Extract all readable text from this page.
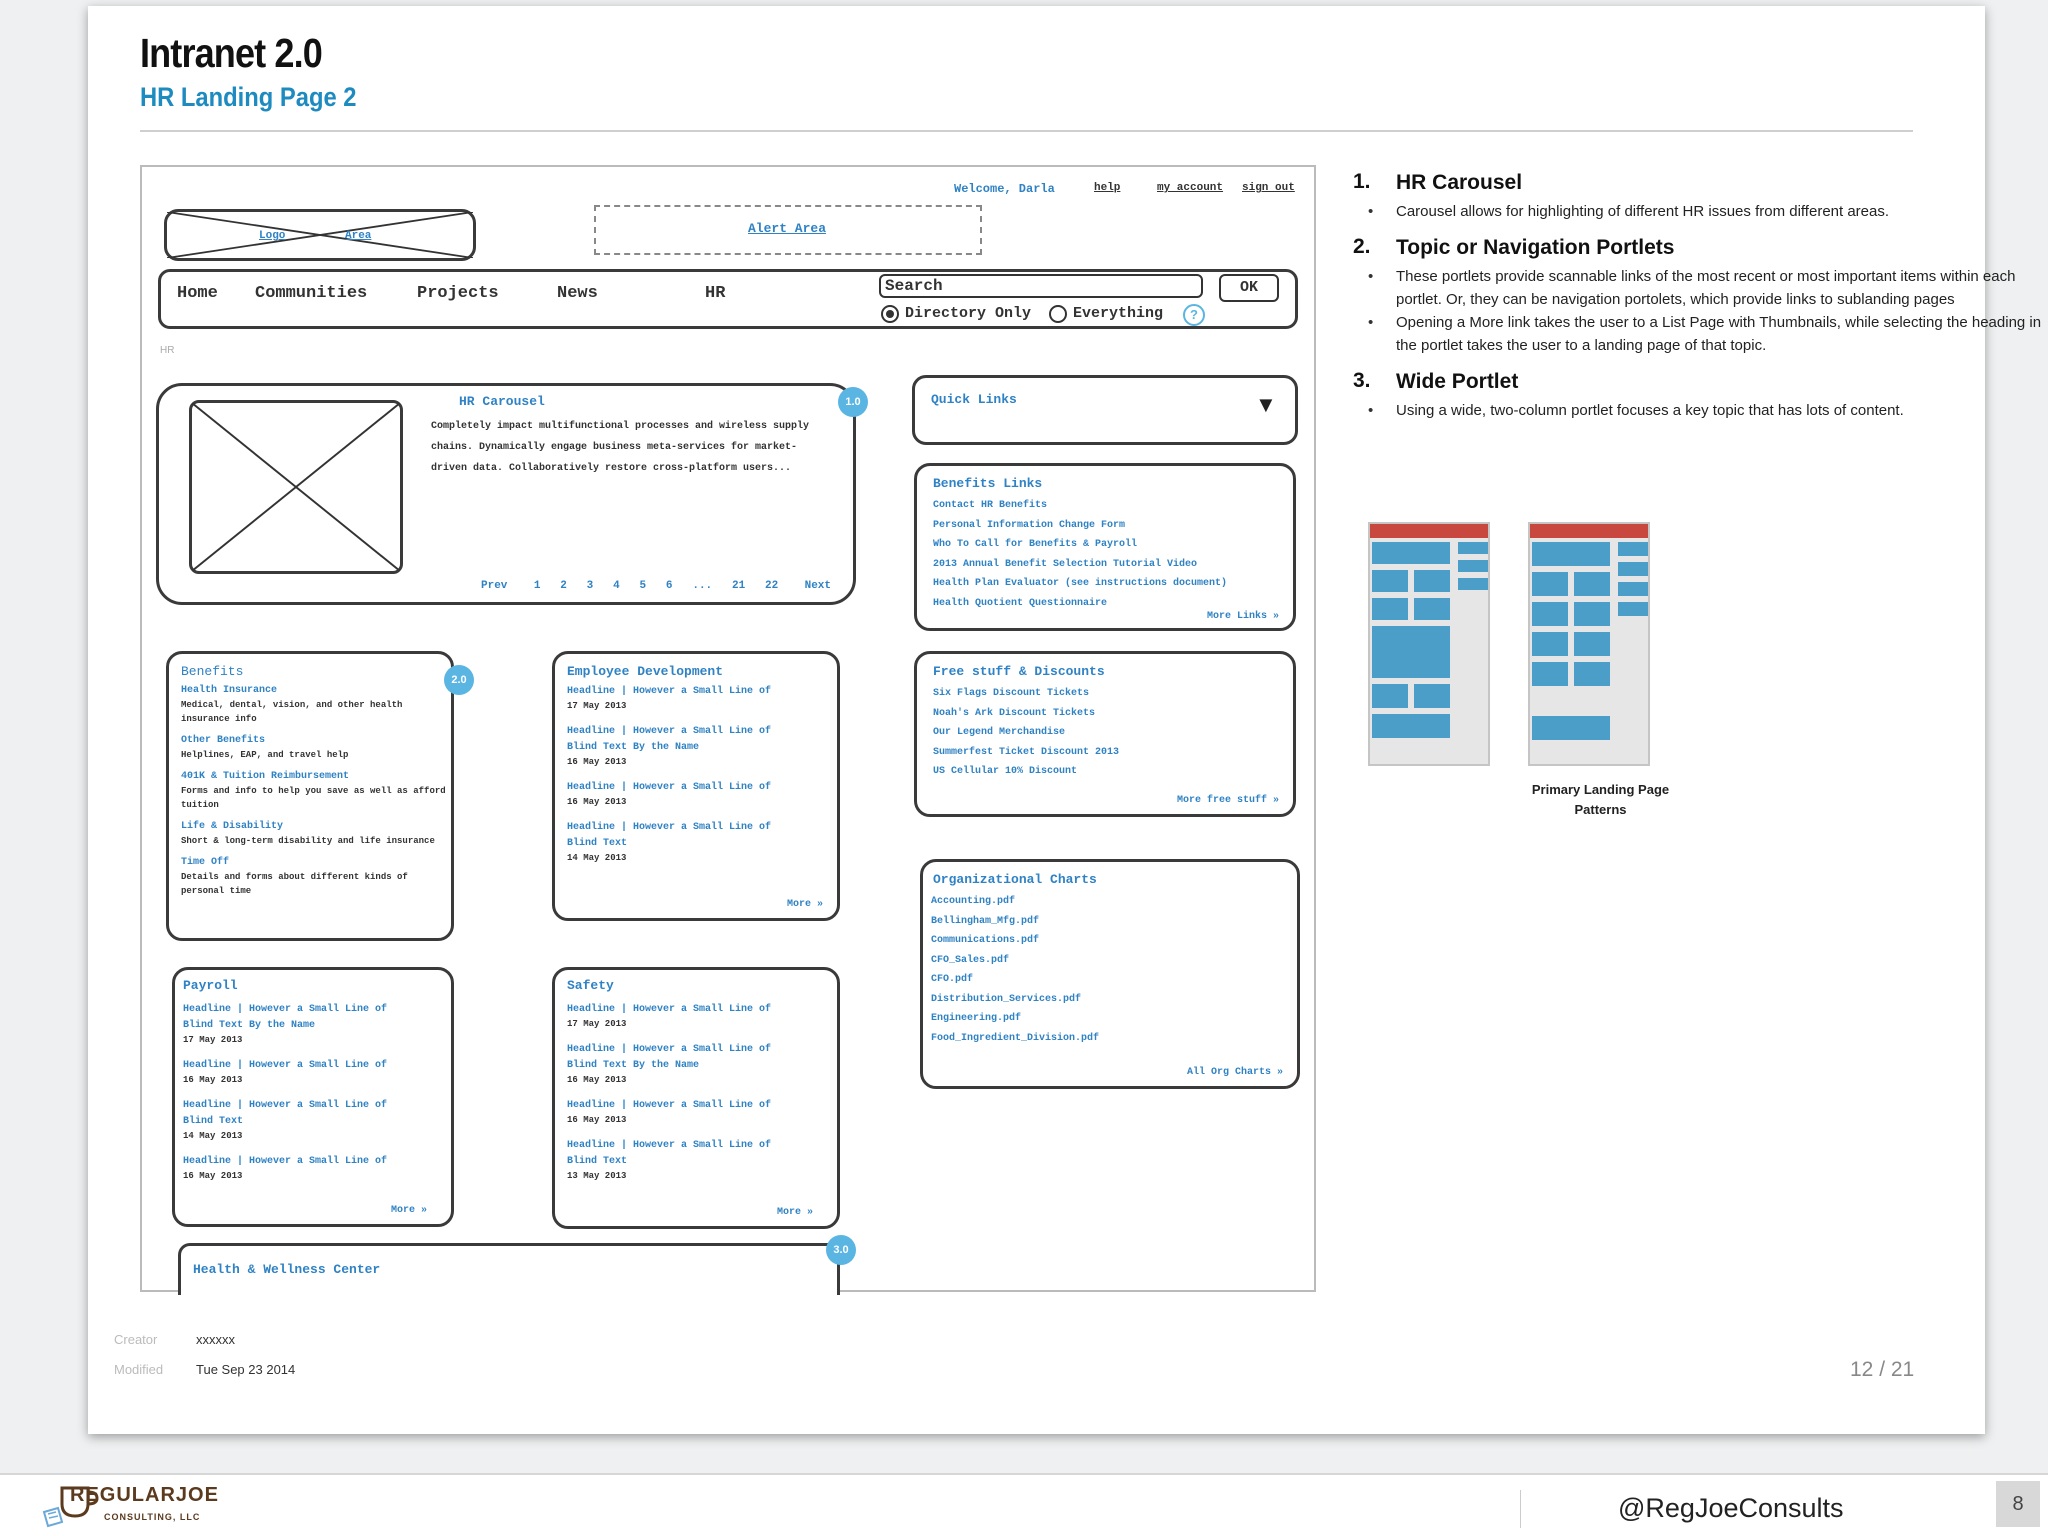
Intranet 2.0
HR Landing Page 2
Welcome, Darla	help	my account sign out
Logo	Area	Alert Area
Home Communities	Projects	News	HR	Search	OK
Directory Only	Everything	?
HR
HR Carousel
Completely impact multifunctional processes and wireless supply chains. Dynamically engage business meta-services for market-driven data. Collaboratively restore cross-platform users...
Prev 1 2 3 4 5 6 ... 21 22 Next
1.0	Quick Links	▼
Benefits Links
Contact HR Benefits
Personal Information Change Form
Who To Call for Benefits & Payroll
2013 Annual Benefit Selection Tutorial Video
Health Plan Evaluator (see instructions document)
Health Quotient Questionnaire
More Links »
Benefits
Health Insurance
Medical, dental, vision, and other health insurance info
Other Benefits
Helplines, EAP, and travel help
401K & Tuition Reimbursement
Forms and info to help you save as well as afford tuition
Life & Disability
Short & long-term disability and life insurance
Time Off
Details and forms about different kinds of personal time
2.0
Employee Development
Headline | However a Small Line of
17 May 2013
Headline | However a Small Line of Blind Text By the Name
16 May 2013
Headline | However a Small Line of
16 May 2013
Headline | However a Small Line of Blind Text
14 May 2013
More »
Free stuff & Discounts
Six Flags Discount Tickets
Noah's Ark Discount Tickets
Our Legend Merchandise
Summerfest Ticket Discount 2013
US Cellular 10% Discount
More free stuff »
Organizational Charts
Accounting.pdf
Bellingham_Mfg.pdf
Communications.pdf
CFO_Sales.pdf
CFO.pdf
Distribution_Services.pdf
Engineering.pdf
Food_Ingredient_Division.pdf
All Org Charts »
Payroll
Headline | However a Small Line of Blind Text By the Name
17 May 2013
Headline | However a Small Line of
16 May 2013
Headline | However a Small Line of Blind Text
14 May 2013
Headline | However a Small Line of
16 May 2013
More »
Safety
Headline | However a Small Line of
17 May 2013
Headline | However a Small Line of Blind Text By the Name
16 May 2013
Headline | However a Small Line of
16 May 2013
Headline | However a Small Line of Blind Text
13 May 2013
More »
Health & Wellness Center
3.0
1. HR Carousel
• Carousel allows for highlighting of different HR issues from different areas.
2. Topic or Navigation Portlets
• These portlets provide scannable links of the most recent or most important items within each portlet. Or, they can be navigation portolets, which provide links to sublanding pages
• Opening a More link takes the user to a List Page with Thumbnails, while selecting the heading in the portlet takes the user to a landing page of that topic.
3. Wide Portlet
• Using a wide, two-column portlet focuses a key topic that has lots of content.
Primary Landing Page Patterns
Creator	xxxxxx
Modified	Tue Sep 23 2014	12 / 21
REGULARJOE
CONSULTING, LLC	@RegJoeConsults	8
